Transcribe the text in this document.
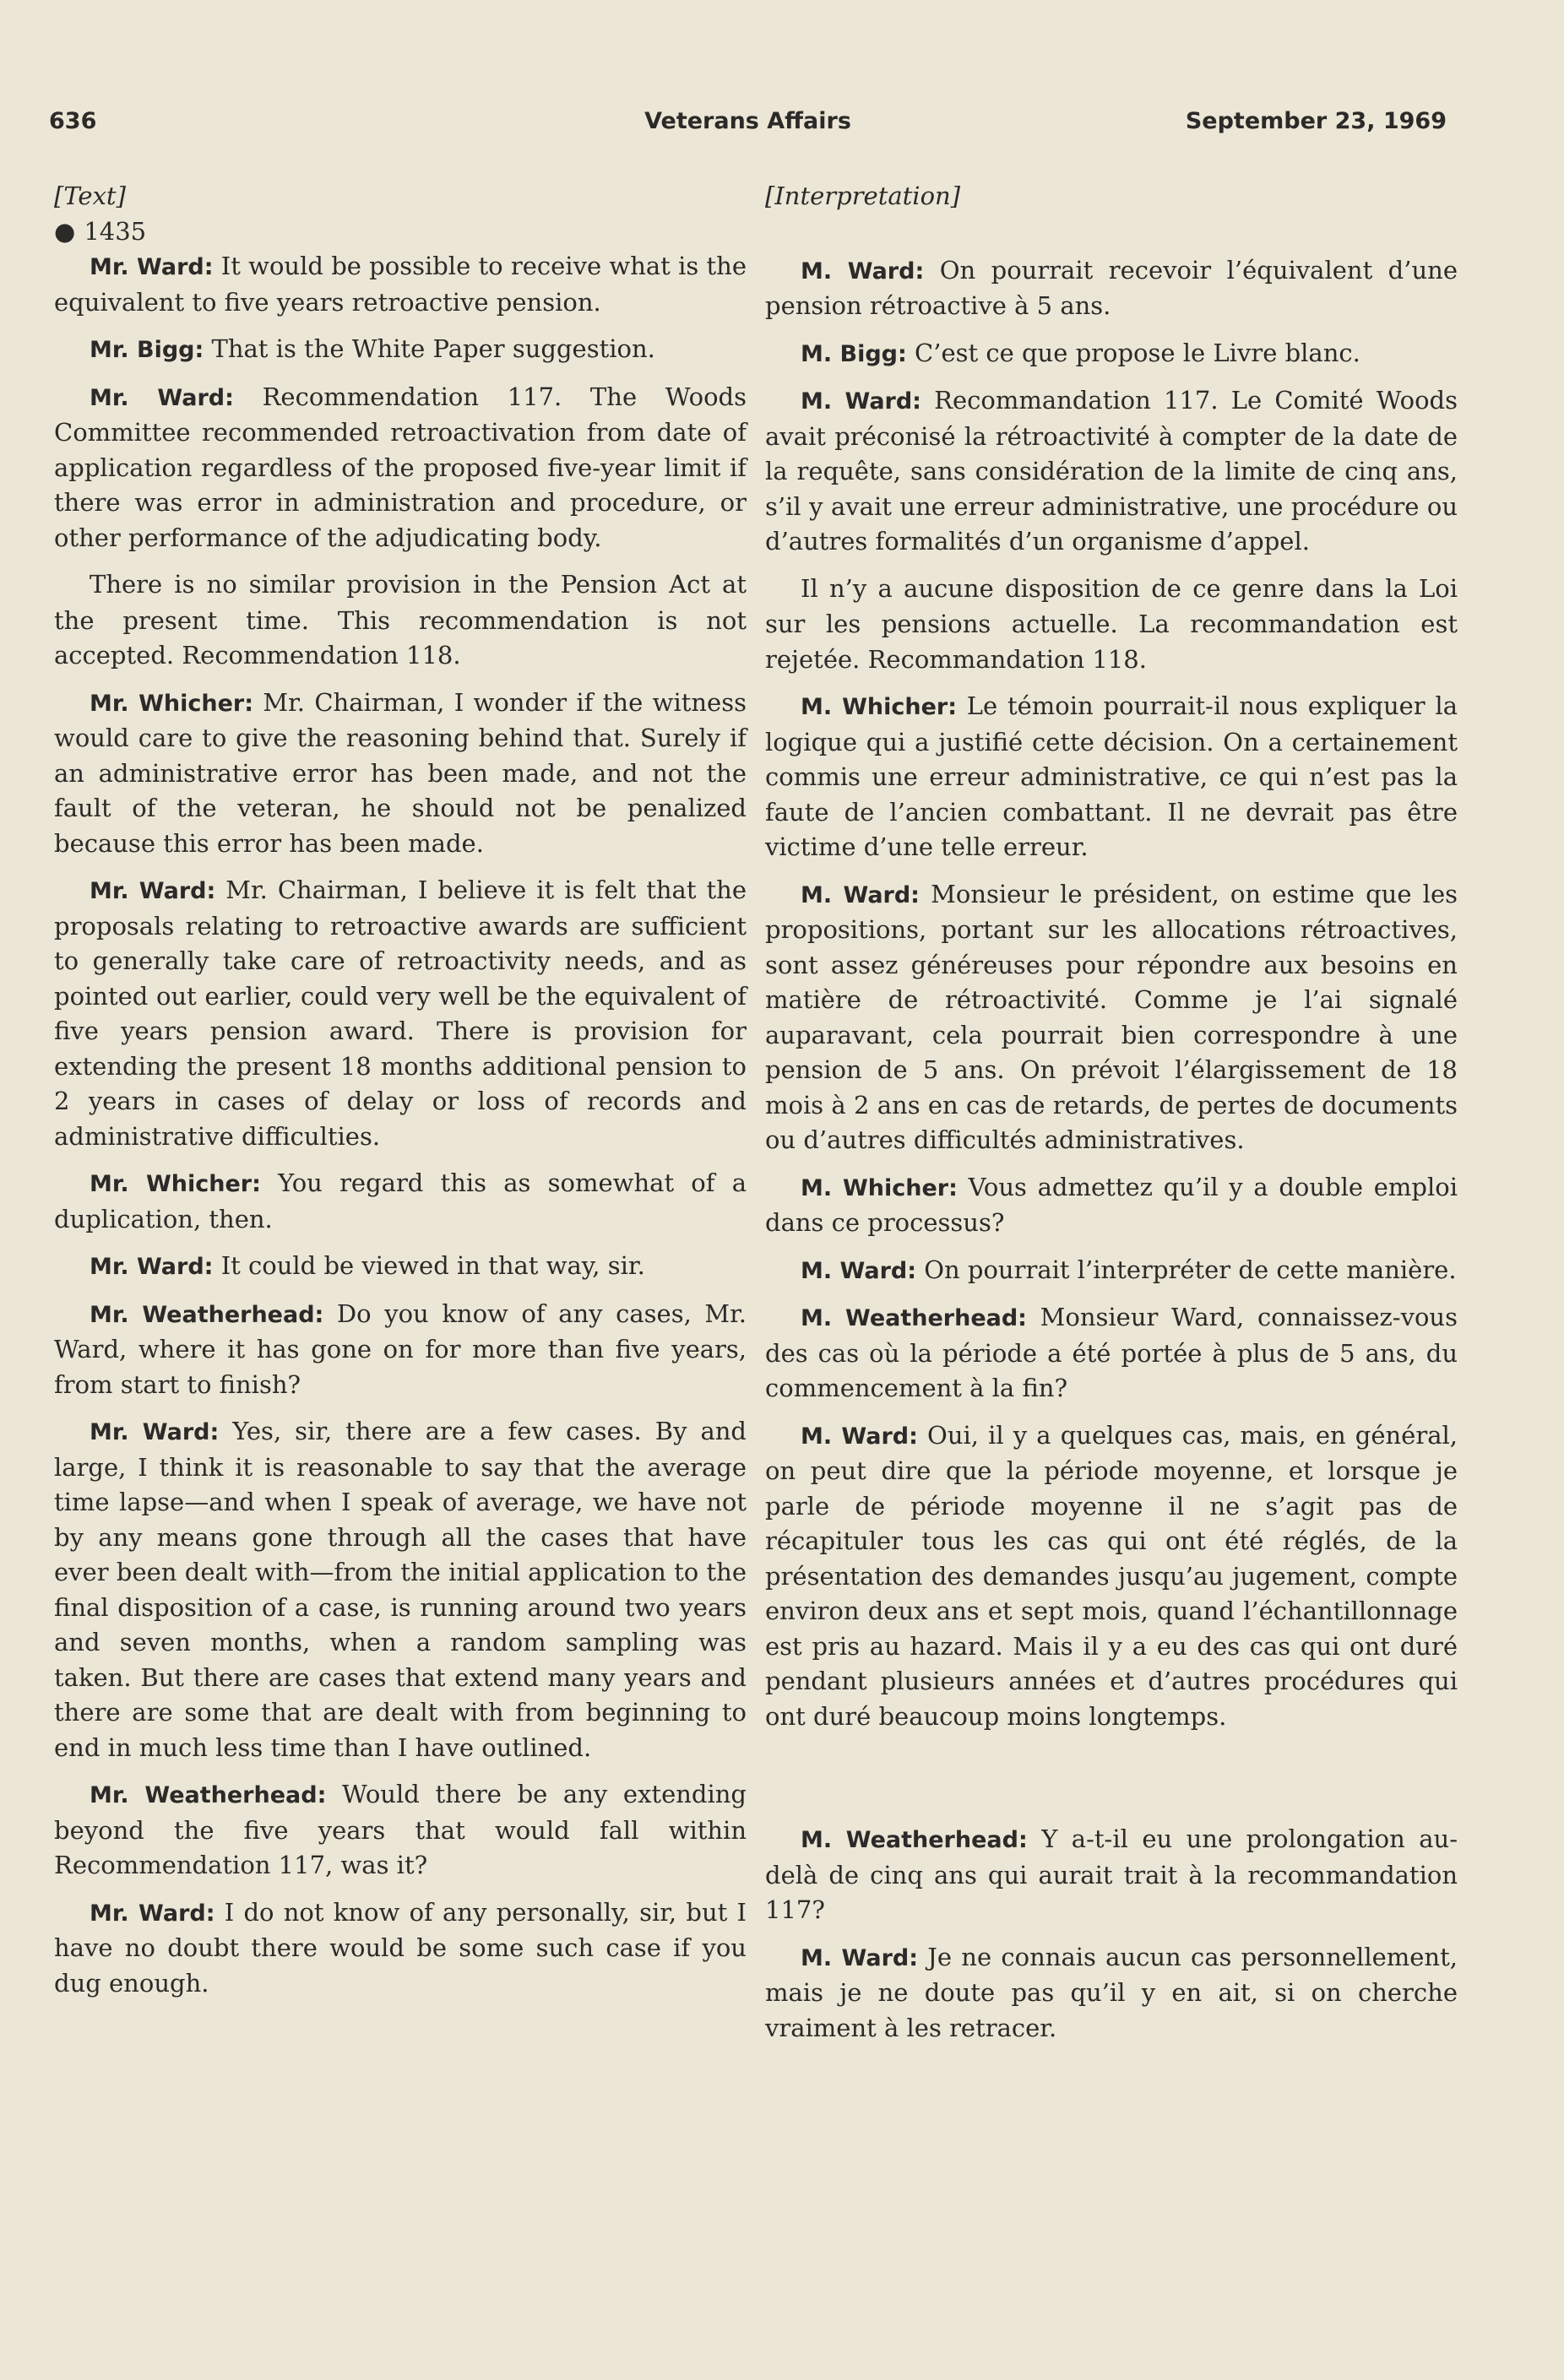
636	Veterans Affairs	September 23, 1969

[Text]

● 1435

Mr. Ward: It would be possible to receive what is the equivalent to five years retroactive pension.

Mr. Bigg: That is the White Paper suggestion.

Mr. Ward: Recommendation 117. The Woods Committee recommended retroactivation from date of application regardless of the proposed five-year limit if there was error in administration and procedure, or other performance of the adjudicating body.

There is no similar provision in the Pension Act at the present time. This recommendation is not accepted. Recommendation 118.

Mr. Whicher: Mr. Chairman, I wonder if the witness would care to give the reasoning behind that. Surely if an administrative error has been made, and not the fault of the veteran, he should not be penalized because this error has been made.

Mr. Ward: Mr. Chairman, I believe it is felt that the proposals relating to retroactive awards are sufficient to generally take care of retroactivity needs, and as pointed out earlier, could very well be the equivalent of five years pension award. There is provision for extending the present 18 months additional pension to 2 years in cases of delay or loss of records and administrative difficulties.

Mr. Whicher: You regard this as somewhat of a duplication, then.

Mr. Ward: It could be viewed in that way, sir.

Mr. Weatherhead: Do you know of any cases, Mr. Ward, where it has gone on for more than five years, from start to finish?

Mr. Ward: Yes, sir, there are a few cases. By and large, I think it is reasonable to say that the average time lapse—and when I speak of average, we have not by any means gone through all the cases that have ever been dealt with—from the initial application to the final disposition of a case, is running around two years and seven months, when a random sampling was taken. But there are cases that extend many years and there are some that are dealt with from beginning to end in much less time than I have outlined.

Mr. Weatherhead: Would there be any extending beyond the five years that would fall within Recommendation 117, was it?

Mr. Ward: I do not know of any personally, sir, but I have no doubt there would be some such case if you dug enough.

[Interpretation]

M. Ward: On pourrait recevoir l’équivalent d’une pension rétroactive à 5 ans.

M. Bigg: C’est ce que propose le Livre blanc.

M. Ward: Recommandation 117. Le Comité Woods avait préconisé la rétroactivité à compter de la date de la requête, sans considération de la limite de cinq ans, s’il y avait une erreur administrative, une procédure ou d’autres formalités d’un organisme d’appel.

Il n’y a aucune disposition de ce genre dans la Loi sur les pensions actuelle. La recommandation est rejetée. Recommandation 118.

M. Whicher: Le témoin pourrait-il nous expliquer la logique qui a justifié cette décision. On a certainement commis une erreur administrative, ce qui n’est pas la faute de l’ancien combattant. Il ne devrait pas être victime d’une telle erreur.

M. Ward: Monsieur le président, on estime que les propositions, portant sur les allocations rétroactives, sont assez généreuses pour répondre aux besoins en matière de rétroactivité. Comme je l’ai signalé auparavant, cela pourrait bien correspondre à une pension de 5 ans. On prévoit l’élargissement de 18 mois à 2 ans en cas de retards, de pertes de documents ou d’autres difficultés administratives.

M. Whicher: Vous admettez qu’il y a double emploi dans ce processus?

M. Ward: On pourrait l’interpréter de cette manière.

M. Weatherhead: Monsieur Ward, connaissez-vous des cas où la période a été portée à plus de 5 ans, du commencement à la fin?

M. Ward: Oui, il y a quelques cas, mais, en général, on peut dire que la période moyenne, et lorsque je parle de période moyenne il ne s’agit pas de récapituler tous les cas qui ont été réglés, de la présentation des demandes jusqu’au jugement, compte environ deux ans et sept mois, quand l’échantillonnage est pris au hazard. Mais il y a eu des cas qui ont duré pendant plusieurs années et d’autres procédures qui ont duré beaucoup moins longtemps.

M. Weatherhead: Y a-t-il eu une prolongation au-delà de cinq ans qui aurait trait à la recommandation 117?

M. Ward: Je ne connais aucun cas personnellement, mais je ne doute pas qu’il y en ait, si on cherche vraiment à les retracer.
